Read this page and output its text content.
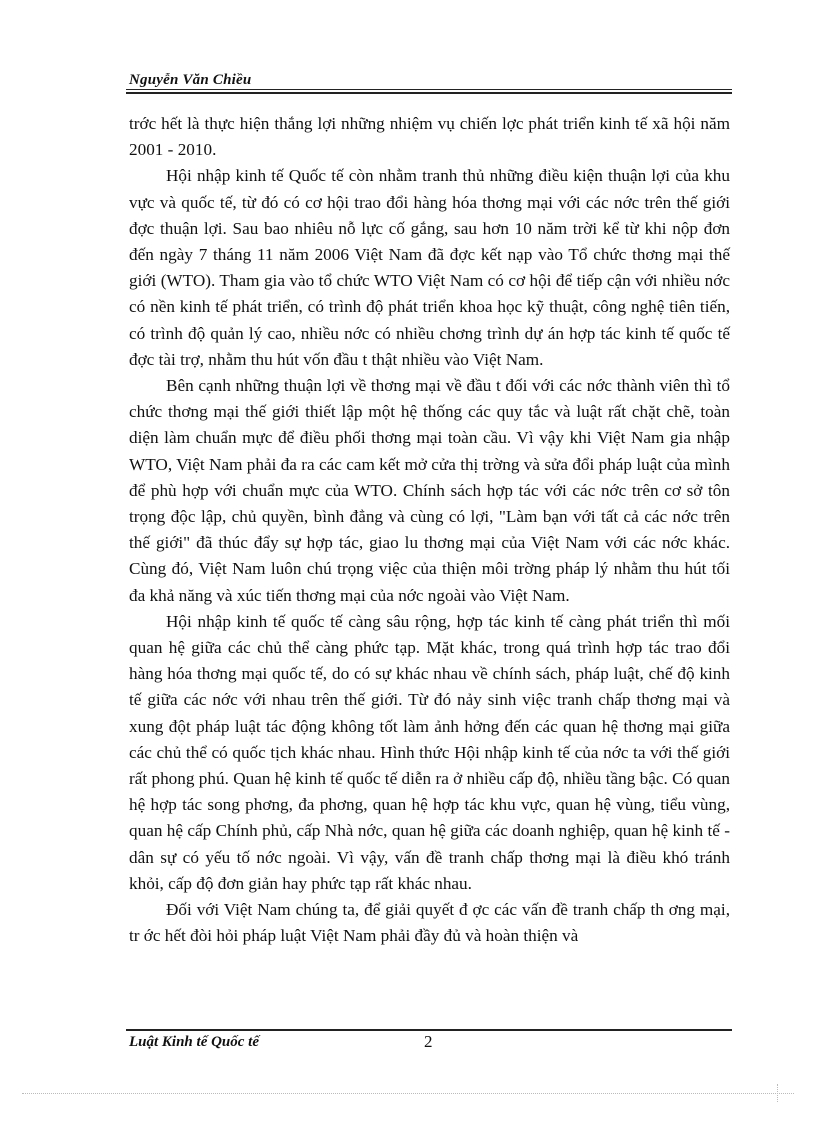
Nguyễn Văn Chiều

trớc hết là thực hiện thắng lợi những nhiệm vụ chiến lợc phát triển kinh tế xã hội năm 2001 - 2010.

Hội nhập kinh tế Quốc tế còn nhằm tranh thủ những điều kiện thuận lợi của khu vực và quốc tế, từ đó có cơ hội trao đổi hàng hóa thơng mại với các nớc trên thế giới đợc thuận lợi. Sau bao nhiêu nỗ lực cố gắng, sau hơn 10 năm trời kể từ khi nộp đơn đến ngày 7 tháng 11 năm 2006 Việt Nam đã đợc kết nạp vào Tổ chức thơng mại thế giới (WTO). Tham gia vào tổ chức WTO Việt Nam có cơ hội để tiếp cận với nhiều nớc có nền kinh tế phát triển, có trình độ phát triển khoa học kỹ thuật, công nghệ tiên tiến, có trình độ quản lý cao, nhiều nớc có nhiều chơng trình dự án hợp tác kinh tế quốc tế đợc tài trợ, nhằm thu hút vốn đầu t thật nhiều vào Việt Nam.

Bên cạnh những thuận lợi về thơng mại về đầu t đối với các nớc thành viên thì tổ chức thơng mại thế giới thiết lập một hệ thống các quy tắc và luật rất chặt chẽ, toàn diện làm chuẩn mực để điều phối thơng mại toàn cầu. Vì vậy khi Việt Nam gia nhập WTO, Việt Nam phải đa ra các cam kết mở cửa thị trờng và sửa đổi pháp luật của mình để phù hợp với chuẩn mực của WTO. Chính sách hợp tác với các nớc trên cơ sở tôn trọng độc lập, chủ quyền, bình đẳng và cùng có lợi, "Làm bạn với tất cả các nớc trên thế giới" đã thúc đẩy sự hợp tác, giao lu thơng mại của Việt Nam với các nớc khác. Cùng đó, Việt Nam luôn chú trọng việc của thiện môi trờng pháp lý nhằm thu hút tối đa khả năng và xúc tiến thơng mại của nớc ngoài vào Việt Nam.

Hội nhập kinh tế quốc tế càng sâu rộng, hợp tác kinh tế càng phát triển thì mối quan hệ giữa các chủ thể càng phức tạp. Mặt khác, trong quá trình hợp tác trao đổi hàng hóa thơng mại quốc tế, do có sự khác nhau về chính sách, pháp luật, chế độ kinh tế giữa các nớc với nhau trên thế giới. Từ đó nảy sinh việc tranh chấp thơng mại và xung đột pháp luật tác động không tốt làm ảnh hởng đến các quan hệ thơng mại giữa các chủ thể có quốc tịch khác nhau. Hình thức Hội nhập kinh tế của nớc ta với thế giới rất phong phú. Quan hệ kinh tế quốc tế diễn ra ở nhiều cấp độ, nhiều tầng bậc. Có quan hệ hợp tác song phơng, đa phơng, quan hệ hợp tác khu vực, quan hệ vùng, tiểu vùng, quan hệ cấp Chính phủ, cấp Nhà nớc, quan hệ giữa các doanh nghiệp, quan hệ kinh tế - dân sự có yếu tố nớc ngoài. Vì vậy, vấn đề tranh chấp thơng mại là điều khó tránh khỏi, cấp độ đơn giản hay phức tạp rất khác nhau.

Đối với Việt Nam chúng ta, để giải quyết đ ợc các vấn đề tranh chấp th ơng mại, tr ớc hết đòi hỏi pháp luật Việt Nam phải đầy đủ và hoàn thiện và

Luật Kinh tế Quốc tế	2
